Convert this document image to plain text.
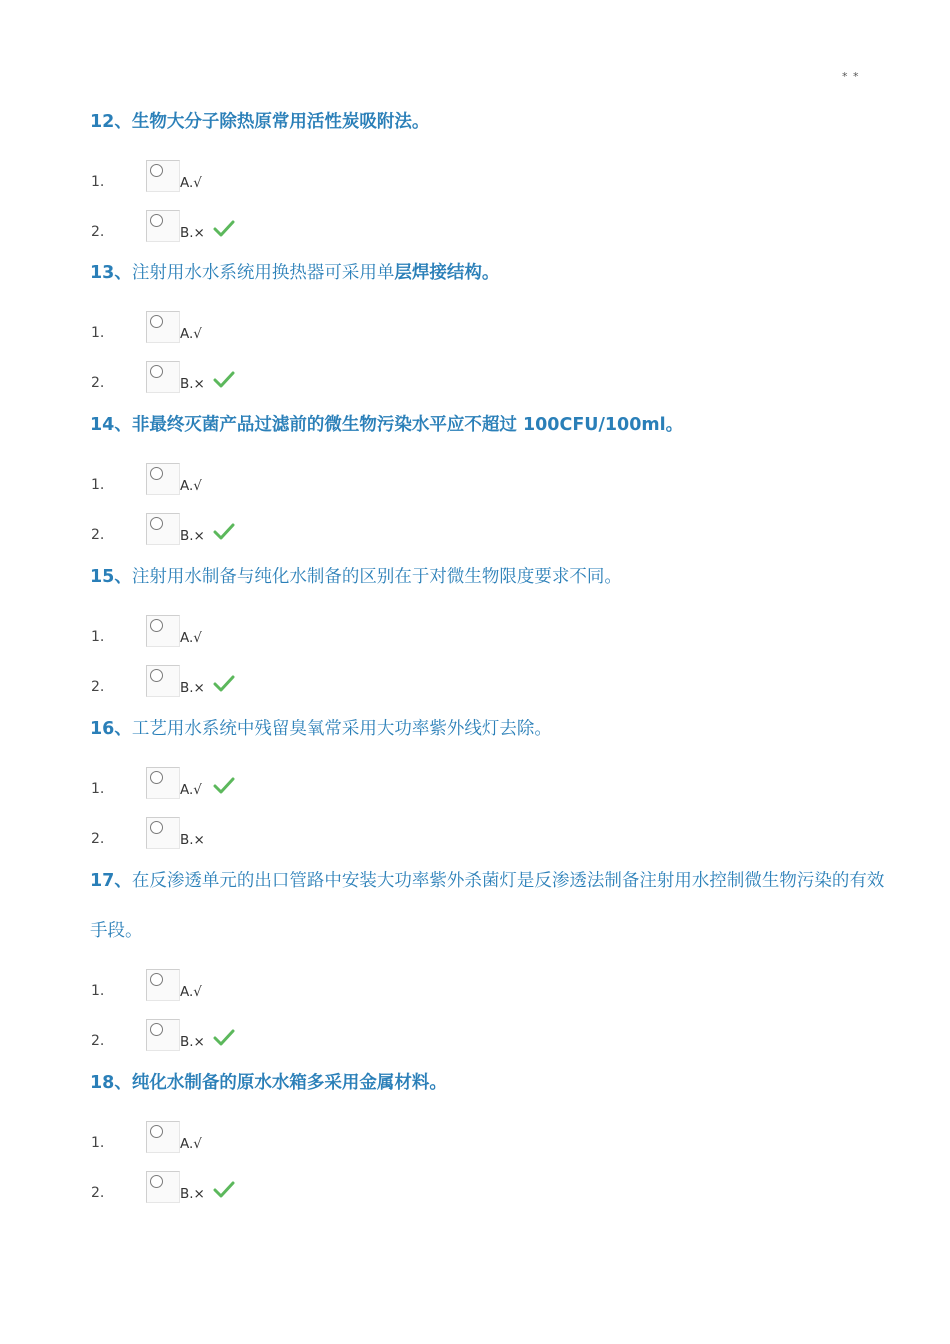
* *
12、生物大分子除热原常用活性炭吸附法。
1.	A.√
2.	B.×
13、注射用水水系统用换热器可采用单层焊接结构。
1.	A.√
2.	B.×
14、非最终灭菌产品过滤前的微生物污染水平应不超过 100CFU/100ml。
1.	A.√
2.	B.×
15、注射用水制备与纯化水制备的区别在于对微生物限度要求不同。
1.	A.√
2.	B.×
16、工艺用水系统中残留臭氧常采用大功率紫外线灯去除。
1.	A.√
2.	B.×
17、在反渗透单元的出口管路中安装大功率紫外杀菌灯是反渗透法制备注射用水控制微生物污染的有效手段。
1.	A.√
2.	B.×
18、纯化水制备的原水水箱多采用金属材料。
1.	A.√
2.	B.×
